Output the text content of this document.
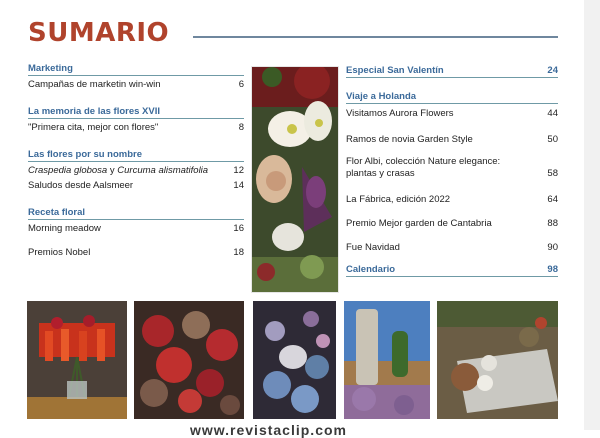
SUMARIO
Marketing
Campañas de marketin win-win	6
La memoria de las flores XVII
"Primera cita, mejor con flores"	8
Las flores por su nombre
Craspedia globosa y Curcuma alismatifolia	12
Saludos desde Aalsmeer	14
Receta floral
Morning meadow	16
Premios Nobel	18
Especial San Valentín	24
Viaje a Holanda
Visitamos Aurora Flowers	44
Ramos de novia Garden Style	50
Flor Albi, colección Nature elegance: plantas y crasas	58
La Fábrica, edición 2022	64
Premio Mejor garden de Cantabria	88
Fue Navidad	90
Calendario	98
www.revistaclip.com
